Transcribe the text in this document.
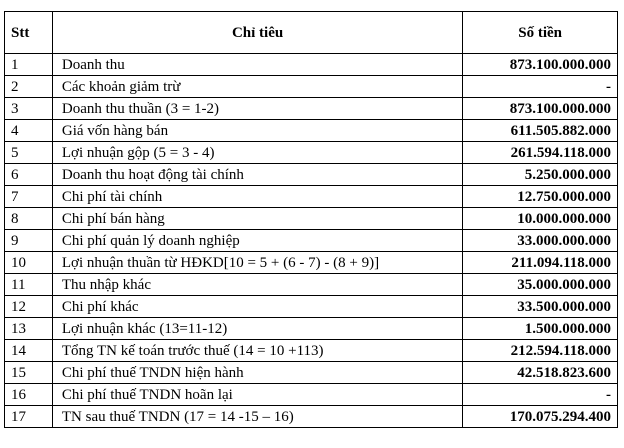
Stt	Chỉ tiêu	Số tiền
1	Doanh thu	873.100.000.000
2	Các khoản giảm trừ	-
3	Doanh thu thuần (3 = 1-2)	873.100.000.000
4	Giá vốn hàng bán	611.505.882.000
5	Lợi nhuận gộp (5 = 3 - 4)	261.594.118.000
6	Doanh thu hoạt động tài chính	5.250.000.000
7	Chi phí tài chính	12.750.000.000
8	Chi phí bán hàng	10.000.000.000
9	Chi phí quản lý doanh nghiệp	33.000.000.000
10	Lợi nhuận thuần từ HĐKD[10 = 5 + (6 - 7) - (8 + 9)]	211.094.118.000
11	Thu nhập khác	35.000.000.000
12	Chi phí khác	33.500.000.000
13	Lợi nhuận khác (13=11-12)	1.500.000.000
14	Tổng TN kế toán trước thuế (14 = 10 +113)	212.594.118.000
15	Chi phí thuế TNDN hiện hành	42.518.823.600
16	Chi phí thuế TNDN hoãn lại	-
17	TN sau thuế TNDN (17 = 14 -15 – 16)	170.075.294.400
